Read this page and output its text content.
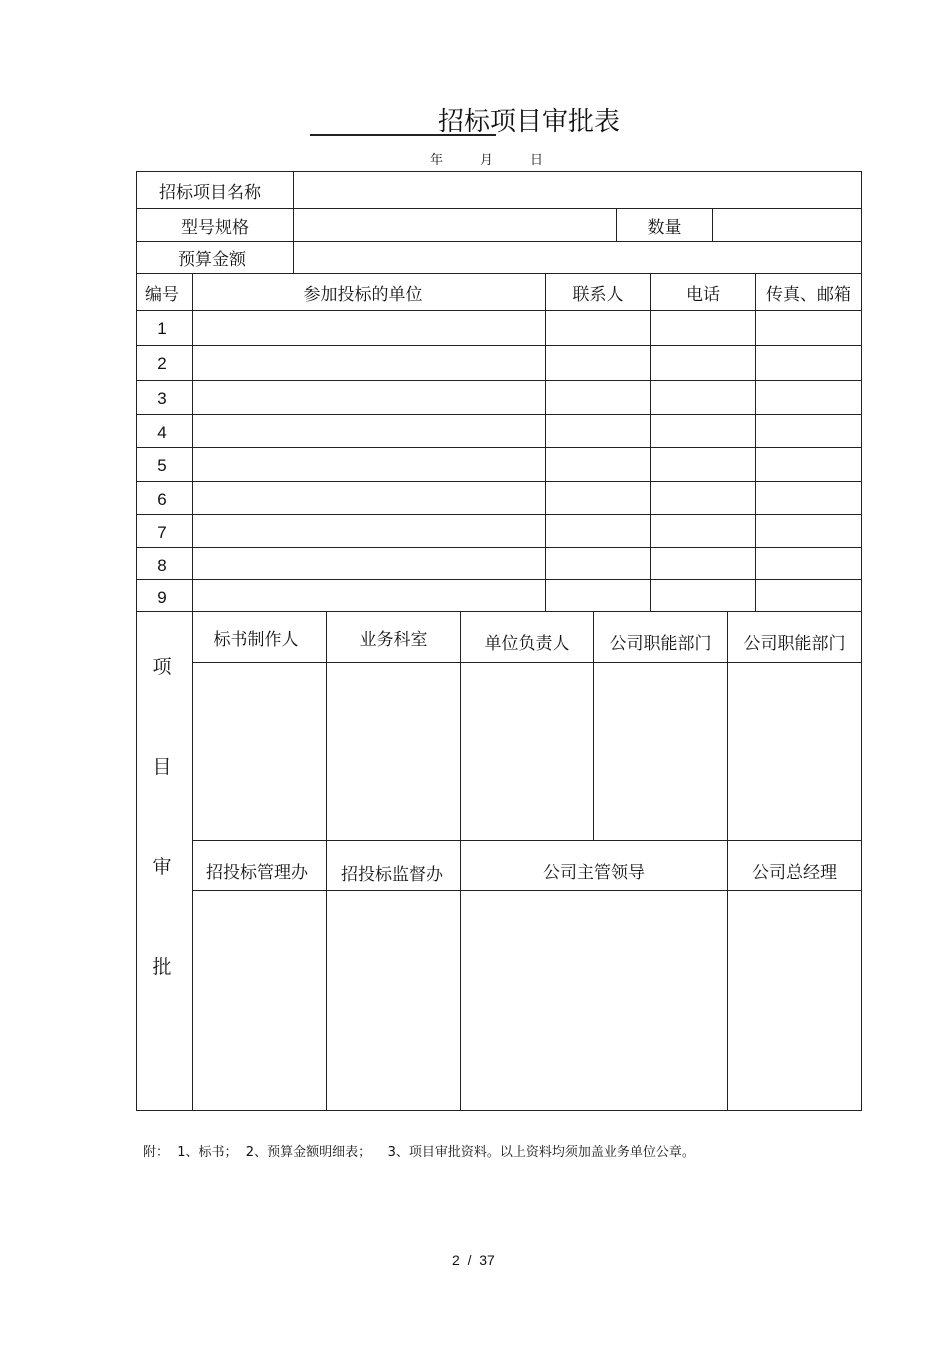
招标项目审批表
年	月	日
招标项目名称
型号规格	数量
预算金额
编号	参加投标的单位	联系人	电话	传真、邮箱
1
2
3
4
5
6
7
8
9
项
目
审
批
标书制作人	业务科室	单位负责人	公司职能部门	公司职能部门
招投标管理办	招投标监督办	公司主管领导	公司总经理
附：  1、标书；  2、预算金额明细表；    3、项目审批资料。以上资料均须加盖业务单位公章。
2  /  37
